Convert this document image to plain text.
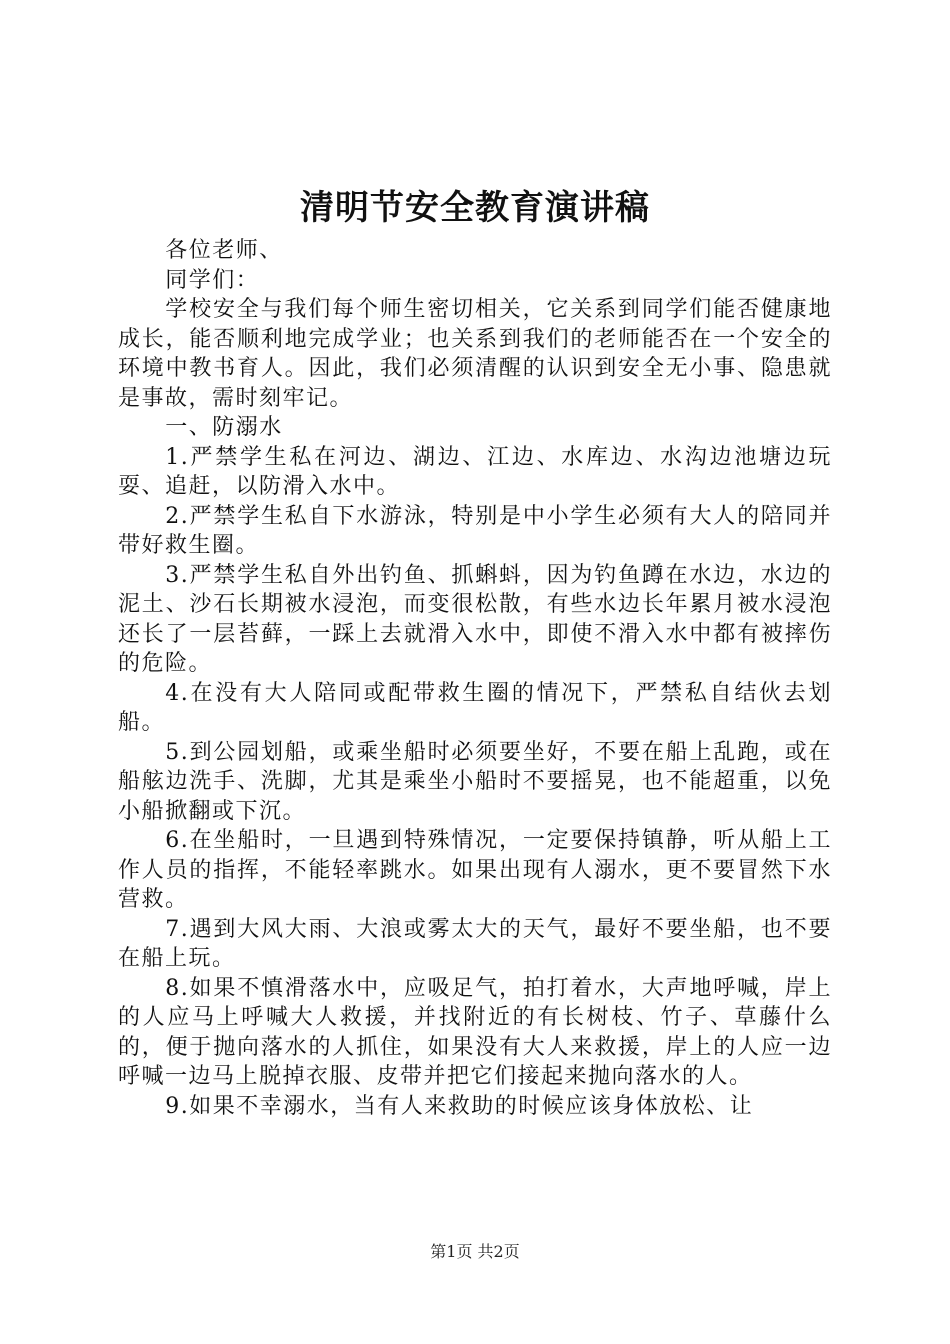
清明节安全教育演讲稿

各位老师、

同学们：

学校安全与我们每个师生密切相关，它关系到同学们能否健康地成长，能否顺利地完成学业；也关系到我们的老师能否在一个安全的环境中教书育人。因此，我们必须清醒的认识到安全无小事、隐患就是事故，需时刻牢记。

一、防溺水

1.严禁学生私在河边、湖边、江边、水库边、水沟边池塘边玩耍、追赶，以防滑入水中。

2.严禁学生私自下水游泳，特别是中小学生必须有大人的陪同并带好救生圈。

3.严禁学生私自外出钓鱼、抓蝌蚪，因为钓鱼蹲在水边，水边的泥土、沙石长期被水浸泡，而变很松散，有些水边长年累月被水浸泡还长了一层苔藓，一踩上去就滑入水中，即使不滑入水中都有被摔伤的危险。

4.在没有大人陪同或配带救生圈的情况下，严禁私自结伙去划船。

5.到公园划船，或乘坐船时必须要坐好，不要在船上乱跑，或在船舷边洗手、洗脚，尤其是乘坐小船时不要摇晃，也不能超重，以免小船掀翻或下沉。

6.在坐船时，一旦遇到特殊情况，一定要保持镇静，听从船上工作人员的指挥，不能轻率跳水。如果出现有人溺水，更不要冒然下水营救。

7.遇到大风大雨、大浪或雾太大的天气，最好不要坐船，也不要在船上玩。

8.如果不慎滑落水中，应吸足气，拍打着水，大声地呼喊，岸上的人应马上呼喊大人救援，并找附近的有长树枝、竹子、草藤什么的，便于抛向落水的人抓住，如果没有大人来救援，岸上的人应一边呼喊一边马上脱掉衣服、皮带并把它们接起来抛向落水的人。

9.如果不幸溺水，当有人来救助的时候应该身体放松、让

第1页 共2页
